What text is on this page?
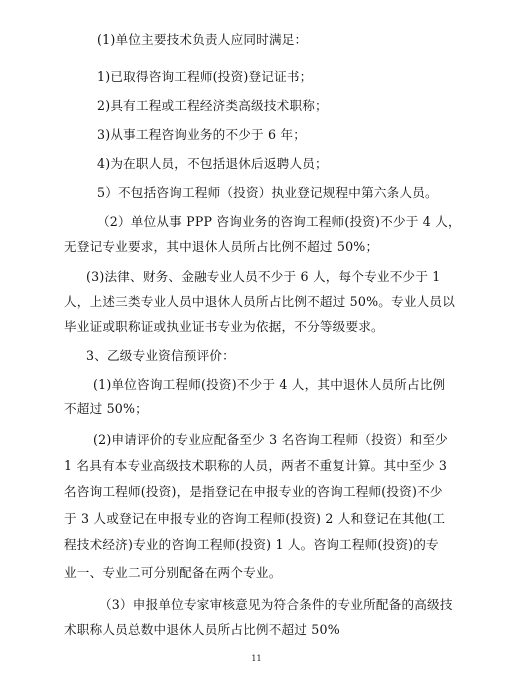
(1)单位主要技术负责人应同时满足：
1)已取得咨询工程师(投资)登记证书；
2)具有工程或工程经济类高级技术职称；
3)从事工程咨询业务的不少于 6 年；
4)为在职人员，不包括退休后返聘人员；
5）不包括咨询工程师（投资）执业登记规程中第六条人员。
（2）单位从事 PPP 咨询业务的咨询工程师(投资)不少于 4 人，
无登记专业要求，其中退休人员所占比例不超过 50%；
(3)法律、财务、金融专业人员不少于 6 人，每个专业不少于 1
人，上述三类专业人员中退休人员所占比例不超过 50%。专业人员以
毕业证或职称证或执业证书专业为依据，不分等级要求。
3、乙级专业资信预评价：
(1)单位咨询工程师(投资)不少于 4 人，其中退休人员所占比例
不超过 50%；
(2)申请评价的专业应配备至少 3 名咨询工程师（投资）和至少
1 名具有本专业高级技术职称的人员，两者不重复计算。其中至少 3
名咨询工程师(投资)，是指登记在申报专业的咨询工程师(投资)不少
于 3 人或登记在申报专业的咨询工程师(投资) 2 人和登记在其他(工
程技术经济)专业的咨询工程师(投资) 1 人。咨询工程师(投资)的专
业一、专业二可分别配备在两个专业。
（3）申报单位专家审核意见为符合条件的专业所配备的高级技
术职称人员总数中退休人员所占比例不超过 50%
11
